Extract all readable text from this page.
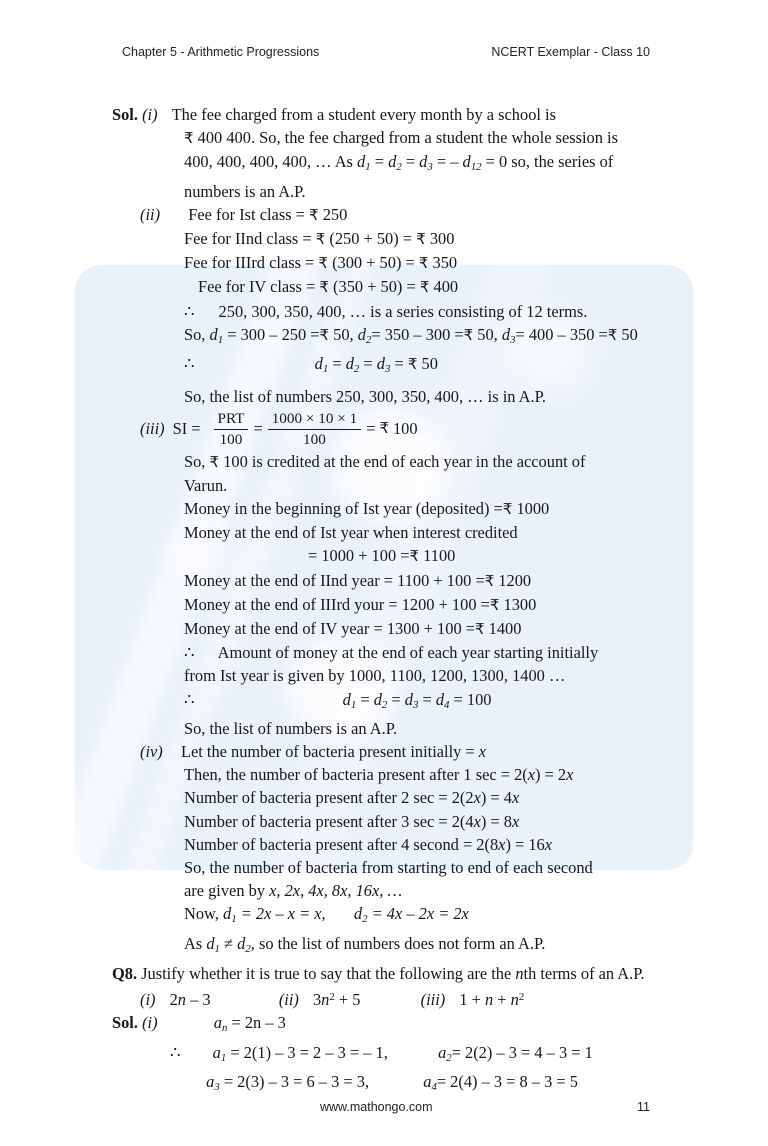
Chapter 5 - Arithmetic Progressions	NCERT Exemplar - Class 10
Sol. (i) The fee charged from a student every month by a school is
₹ 400 400. So, the fee charged from a student the whole session is
400, 400, 400, 400, … As $d_1 = d_2 = d_3$ = – $d_{12} = 0$ so, the series of
numbers is an A.P.
(ii) Fee for Ist class = ₹ 250
Fee for IInd class = ₹ (250 + 50) = ₹ 300
Fee for IIIrd class = ₹ (300 + 50) = ₹ 350
Fee for IV class = ₹ (350 + 50) = ₹ 400
∴ 250, 300, 350, 400, … is a series consisting of 12 terms.
So, $d_1 = 300 - 250$ =₹ 50, $d_2= 350 - 300$ =₹ 50, $d_3= 400 - 350$ =₹ 50
∴	$d_1 = d_2 = d_3$ = ₹ 50
So, the list of numbers 250, 300, 350, 400, … is in A.P.
(iii) SI = $\frac{\text{PRT}}{100} = \frac{1000 \times 10 \times 1}{100}$ = ₹ 100
So, ₹ 100 is credited at the end of each year in the account of
Varun.
Money in the beginning of Ist year (deposited) =₹ 1000
Money at the end of Ist year when interest credited
= 1000 + 100 =₹ 1100
Money at the end of IInd year = 1100 + 100 =₹ 1200
Money at the end of IIIrd your = 1200 + 100 =₹ 1300
Money at the end of IV year = 1300 + 100 =₹ 1400
∴ Amount of money at the end of each year starting initially
from Ist year is given by 1000, 1100, 1200, 1300, 1400 …
∴	$d_1 = d_2 = d_3 = d_4 = 100$
So, the list of numbers is an A.P.
(iv) Let the number of bacteria present initially = x
Then, the number of bacteria present after 1 sec = 2(x) = 2x
Number of bacteria present after 2 sec = 2(2x) = 4x
Number of bacteria present after 3 sec = 2(4x) = 8x
Number of bacteria present after 4 second = 2(8x) = 16x
So, the number of bacteria from starting to end of each second
are given by x, 2x, 4x, 8x, 16x, …
Now, $d_1 = 2x - x = x$, $d_2 = 4x - 2x = 2x$
As $d_1 \ne d_2$, so the list of numbers does not form an A.P.
Q8. Justify whether it is true to say that the following are the nth terms of an A.P.
(i) 2n – 3	(ii) $3n^2 + 5$	(iii) $1 + n + n^2$
Sol. (i)	$a_n = 2n - 3$
∴ $a_1 = 2(1) - 3 = 2 - 3$ = – 1,	$a_2= 2(2) - 3 = 4 - 3 = 1$
$a_3 = 2(3) - 3 = 6 - 3 = 3$,	$a_4= 2(4) - 3 = 8 - 3 = 5$
www.mathongo.com	11
